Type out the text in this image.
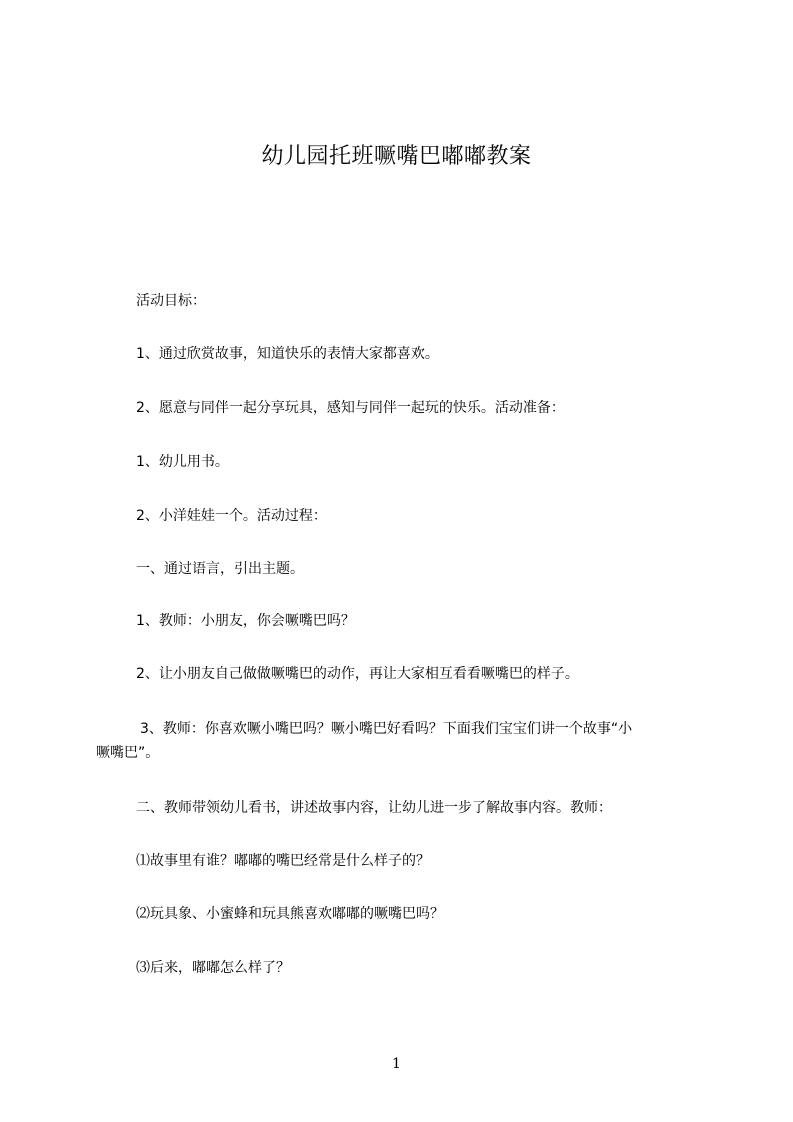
幼儿园托班噘嘴巴嘟嘟教案
活动目标：
1、通过欣赏故事，知道快乐的表情大家都喜欢。
2、愿意与同伴一起分享玩具，感知与同伴一起玩的快乐。活动准备：
1、幼儿用书。
2、小洋娃娃一个。活动过程：
一、通过语言，引出主题。
1、教师：小朋友，你会噘嘴巴吗？
2、让小朋友自己做做噘嘴巴的动作，再让大家相互看看噘嘴巴的样子。
3、教师：你喜欢噘小嘴巴吗？噘小嘴巴好看吗？下面我们宝宝们讲一个故事“小
噘嘴巴”。
二、教师带领幼儿看书，讲述故事内容，让幼儿进一步了解故事内容。教师：
⑴故事里有谁？嘟嘟的嘴巴经常是什么样子的？
⑵玩具象、小蜜蜂和玩具熊喜欢嘟嘟的噘嘴巴吗？
⑶后来，嘟嘟怎么样了？
1
